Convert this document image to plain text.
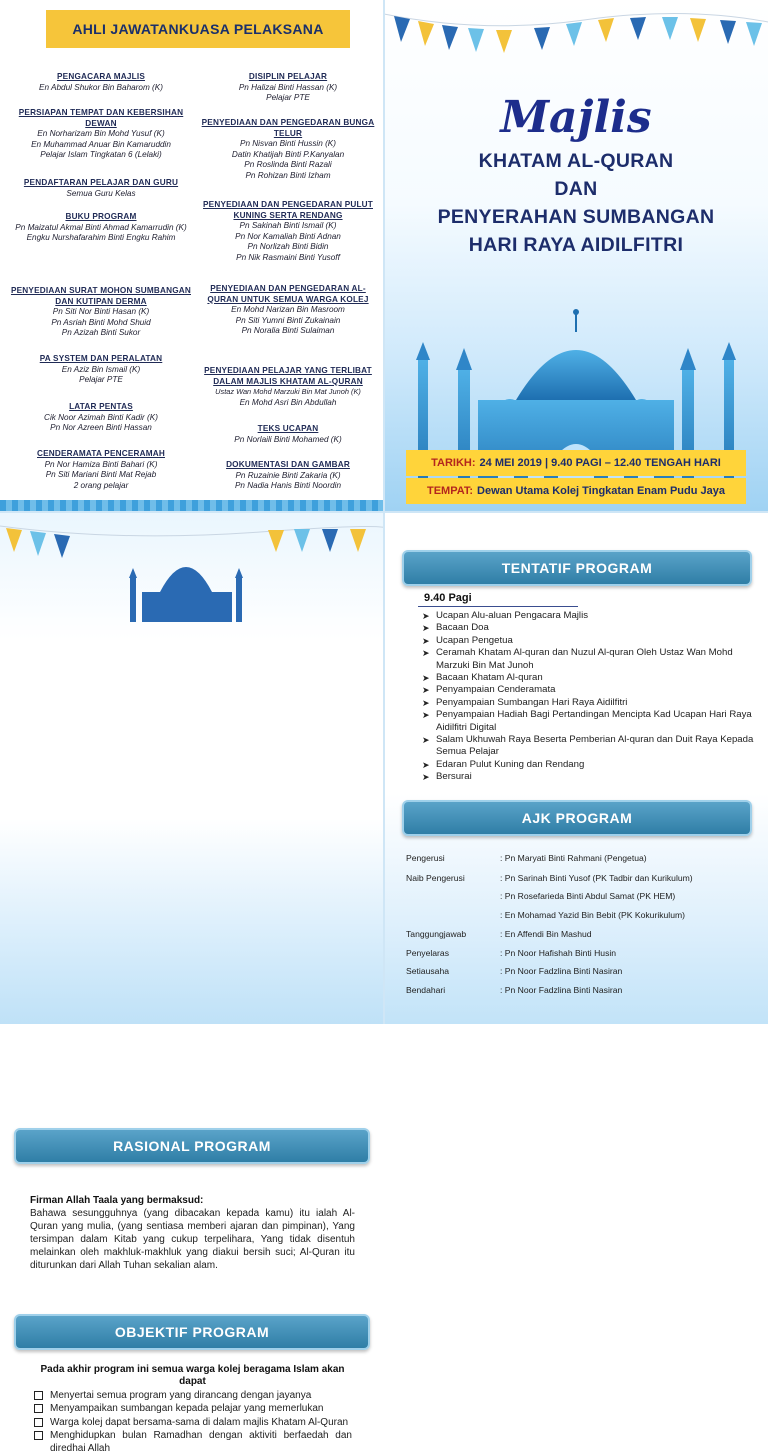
AHLI JAWATANKUASA PELAKSANA
PENGACARA MAJLIS
En Abdul Shukor Bin Baharom (K)
PERSIAPAN TEMPAT DAN KEBERSIHAN DEWAN
En Norharizam Bin Mohd Yusuf (K)
En Muhammad Anuar Bin Kamaruddin
Pelajar Islam Tingkatan 6 (Lelaki)
PENDAFTARAN PELAJAR DAN GURU
Semua Guru Kelas
BUKU PROGRAM
Pn Maizatul Akmal Binti Ahmad Kamarrudin (K)
Engku Nurshafarahim Binti Engku Rahim
PENYEDIAAN SURAT MOHON SUMBANGAN DAN KUTIPAN DERMA
Pn Siti Nor Binti Hasan (K)
Pn Asriah Binti Mohd Shuid
Pn Azizah Binti Sukor
PA SYSTEM DAN PERALATAN
En Aziz Bin Ismail (K)
Pelajar PTE
LATAR PENTAS
Cik Noor Azimah Binti Kadir (K)
Pn Nor Azreen Binti Hassan
CENDERAMATA PENCERAMAH
Pn Nor Hamiza Binti Bahari (K)
Pn Siti Mariani Binti Mat Rejab
2 orang pelajar
DISIPLIN PELAJAR
Pn Halizai Binti Hassan (K)
Pelajar PTE
PENYEDIAAN DAN PENGEDARAN BUNGA TELUR
Pn Nisvan Binti Hussin (K)
Datin Khatijah Binti P.Kanyalan
Pn Roslinda Binti Razali
Pn Rohizan Binti Izham
PENYEDIAAN DAN PENGEDARAN PULUT KUNING SERTA RENDANG
Pn Sakinah Binti Ismail (K)
Pn Nor Kamaliah Binti Adnan
Pn Norlizah Binti Bidin
Pn Nik Rasmaini Binti Yusoff
PENYEDIAAN DAN PENGEDARAN AL-QURAN UNTUK SEMUA WARGA KOLEJ
En Mohd Narizan Bin Masroom
Pn Siti Yumni Binti Zukainain
Pn Noralia Binti Sulaiman
PENYEDIAAN PELAJAR YANG TERLIBAT DALAM MAJLIS KHATAM AL-QURAN
Ustaz Wan Mohd Marzuki Bin Mat Junoh (K)
En Mohd Asri Bin Abdullah
TEKS UCAPAN
Pn Norlaili Binti Mohamed (K)
DOKUMENTASI DAN GAMBAR
Pn Ruzainie Binti Zakaria (K)
Pn Nadia Hanis Binti Noordin
Majlis
KHATAM AL-QURAN
DAN
PENYERAHAN SUMBANGAN
HARI RAYA AIDILFITRI
TARIKH: 24 MEI 2019 | 9.40 PAGI – 12.40 TENGAH HARI
TEMPAT: Dewan Utama Kolej Tingkatan Enam Pudu Jaya
RASIONAL PROGRAM
Firman Allah Taala yang bermaksud:
Bahawa sesungguhnya (yang dibacakan kepada kamu) itu ialah Al-Quran yang mulia, (yang sentiasa memberi ajaran dan pimpinan), Yang tersimpan dalam Kitab yang cukup terpelihara, Yang tidak disentuh melainkan oleh makhluk-makhluk yang diakui bersih suci; Al-Quran itu diturunkan dari Allah Tuhan sekalian alam.
OBJEKTIF PROGRAM
Pada akhir program ini semua warga kolej beragama Islam akan dapat
Menyertai semua program yang dirancang dengan jayanya
Menyampaikan sumbangan kepada pelajar yang memerlukan
Warga kolej dapat bersama-sama di dalam majlis Khatam Al-Quran
Menghidupkan bulan Ramadhan dengan aktiviti berfaedah dan diredhai Allah
TENTATIF PROGRAM
9.40 Pagi
➤ Ucapan Alu-aluan Pengacara Majlis
➤ Bacaan Doa
➤ Ucapan Pengetua
➤ Ceramah Khatam Al-quran dan Nuzul Al-quran Oleh Ustaz Wan Mohd Marzuki Bin Mat Junoh
➤ Bacaan Khatam Al-quran
➤ Penyampaian Cenderamata
➤ Penyampaian Sumbangan Hari Raya Aidilfitri
➤ Penyampaian Hadiah Bagi Pertandingan Mencipta Kad Ucapan Hari Raya Aidilfitri Digital
➤ Salam Ukhuwah Raya Beserta Pemberian Al-quran dan Duit Raya Kepada Semua Pelajar
➤ Edaran Pulut Kuning dan Rendang
➤ Bersurai
AJK PROGRAM
Pengerusi	: Pn Maryati Binti Rahmani (Pengetua)
Naib Pengerusi	: Pn Sarinah Binti Yusof (PK Tadbir dan Kurikulum)
: Pn Rosefarieda Binti Abdul Samat (PK HEM)
: En Mohamad Yazid Bin Bebit (PK Kokurikulum)
Tanggungjawab	: En Affendi Bin Mashud
Penyelaras	: Pn Noor Hafishah Binti Husin
Setiausaha	: Pn Noor Fadzlina Binti Nasiran
Bendahari	: Pn Noor Fadzlina Binti Nasiran
